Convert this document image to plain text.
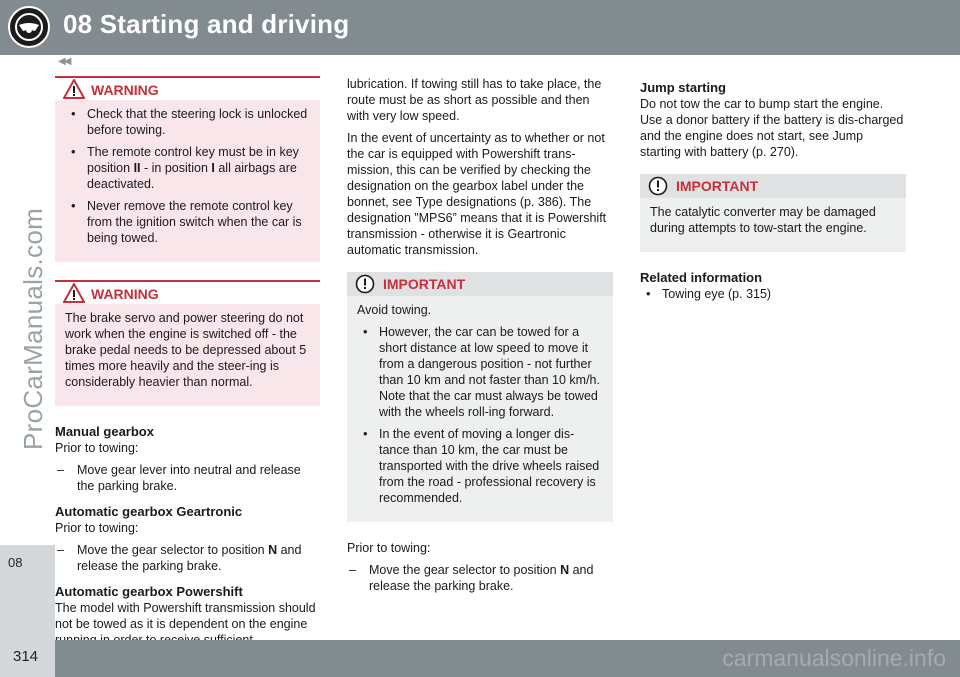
08 Starting and driving
08
ProCarManuals.com
◀◀
WARNING
• Check that the steering lock is unlocked before towing.
• The remote control key must be in key position II - in position I all airbags are deactivated.
• Never remove the remote control key from the ignition switch when the car is being towed.
WARNING

The brake servo and power steering do not work when the engine is switched off - the brake pedal needs to be depressed about 5 times more heavily and the steer-ing is considerably heavier than normal.

Manual gearbox

Prior to towing:

– Move gear lever into neutral and release the parking brake.
Automatic gearbox Geartronic

Prior to towing:

– Move the gear selector to position N and release the parking brake.
Automatic gearbox Powershift

The model with Powershift transmission should not be towed as it is dependent on the engine

lubrication. If towing still has to take place, the route must be as short as possible and then with very low speed.

In the event of uncertainty as to whether or not the car is equipped with Powershift trans-mission, this can be verified by checking the designation on the gearbox label under the bonnet, see Type designations (p. 386). The designation ”MPS6” means that it is Powershift transmission - otherwise it is Geartronic automatic transmission.

IMPORTANT

Avoid towing.

• However, the car can be towed for a short distance at low speed to move it from a dangerous position - not further than 10 km and not faster than 10 km/h. Note that the car must always be towed with the wheels roll-ing forward.
• In the event of moving a longer dis-tance than 10 km, the car must be transported with the drive wheels raised from the road - professional recovery is recommended.

Prior to towing:

– Move the gear selector to position N and release the parking brake.
Jump starting

Do not tow the car to bump start the engine. Use a donor battery if the battery is dis-charged and the engine does not start, see Jump starting with battery (p. 270).

IMPORTANT

The catalytic converter may be damaged during attempts to tow-start the engine.

Related information
• Towing eye (p. 315)
314	carmanualsonline.info
